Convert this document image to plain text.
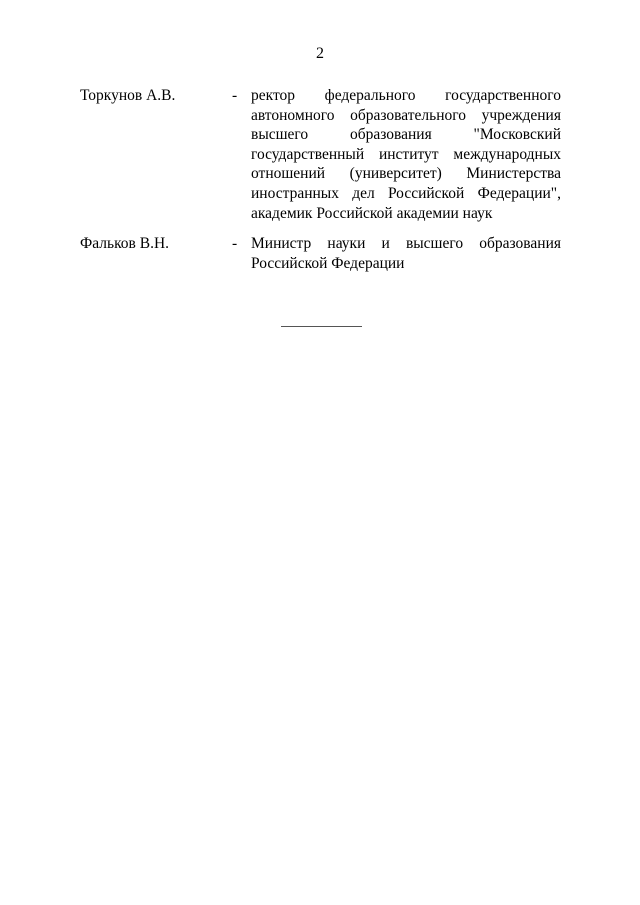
2
Торкунов А.В.	- ректор федерального государственного
автономного образовательного учреждения
высшего образования "Московский
государственный институт международных
отношений (университет) Министерства
иностранных дел Российской Федерации",
академик Российской академии наук
Фальков В.Н.	- Министр науки и высшего образования
Российской Федерации
